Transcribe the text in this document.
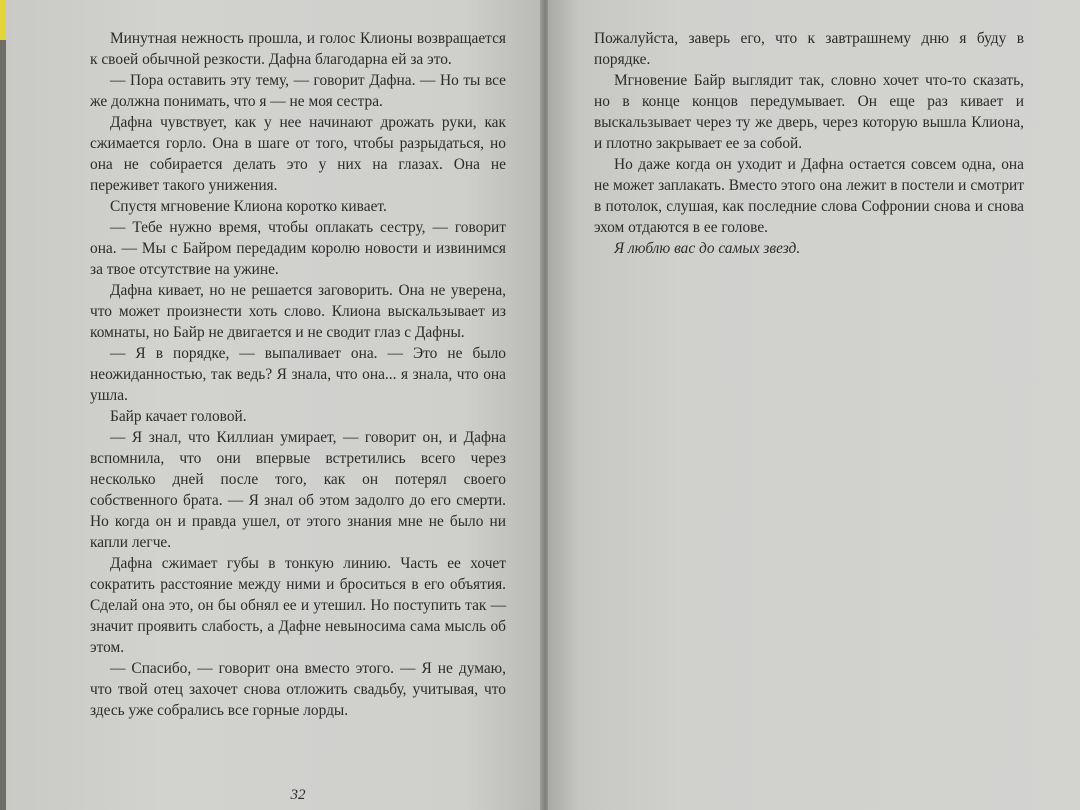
Минутная нежность прошла, и голос Клионы возвращается к своей обычной резкости. Дафна благодарна ей за это.

— Пора оставить эту тему, — говорит Дафна. — Но ты все же должна понимать, что я — не моя сестра.

Дафна чувствует, как у нее начинают дрожать руки, как сжимается горло. Она в шаге от того, чтобы разрыдаться, но она не собирается делать это у них на глазах. Она не переживет такого унижения.

Спустя мгновение Клиона коротко кивает.

— Тебе нужно время, чтобы оплакать сестру, — говорит она. — Мы с Байром передадим королю новости и извинимся за твое отсутствие на ужине.

Дафна кивает, но не решается заговорить. Она не уверена, что может произнести хоть слово. Клиона выскальзывает из комнаты, но Байр не двигается и не сводит глаз с Дафны.

— Я в порядке, — выпаливает она. — Это не было неожиданностью, так ведь? Я знала, что она... я знала, что она ушла.

Байр качает головой.

— Я знал, что Киллиан умирает, — говорит он, и Дафна вспомнила, что они впервые встретились всего через несколько дней после того, как он потерял своего собственного брата. — Я знал об этом задолго до его смерти. Но когда он и правда ушел, от этого знания мне не было ни капли легче.

Дафна сжимает губы в тонкую линию. Часть ее хочет сократить расстояние между ними и броситься в его объятия. Сделай она это, он бы обнял ее и утешил. Но поступить так — значит проявить слабость, а Дафне невыносима сама мысль об этом.

— Спасибо, — говорит она вместо этого. — Я не думаю, что твой отец захочет снова отложить свадьбу, учитывая, что здесь уже собрались все горные лорды.

32

Пожалуйста, заверь его, что к завтрашнему дню я буду в порядке.

Мгновение Байр выглядит так, словно хочет что-то сказать, но в конце концов передумывает. Он еще раз кивает и выскальзывает через ту же дверь, через которую вышла Клиона, и плотно закрывает ее за собой.

Но даже когда он уходит и Дафна остается совсем одна, она не может заплакать. Вместо этого она лежит в постели и смотрит в потолок, слушая, как последние слова Софронии снова и снова эхом отдаются в ее голове.

Я люблю вас до самых звезд.
